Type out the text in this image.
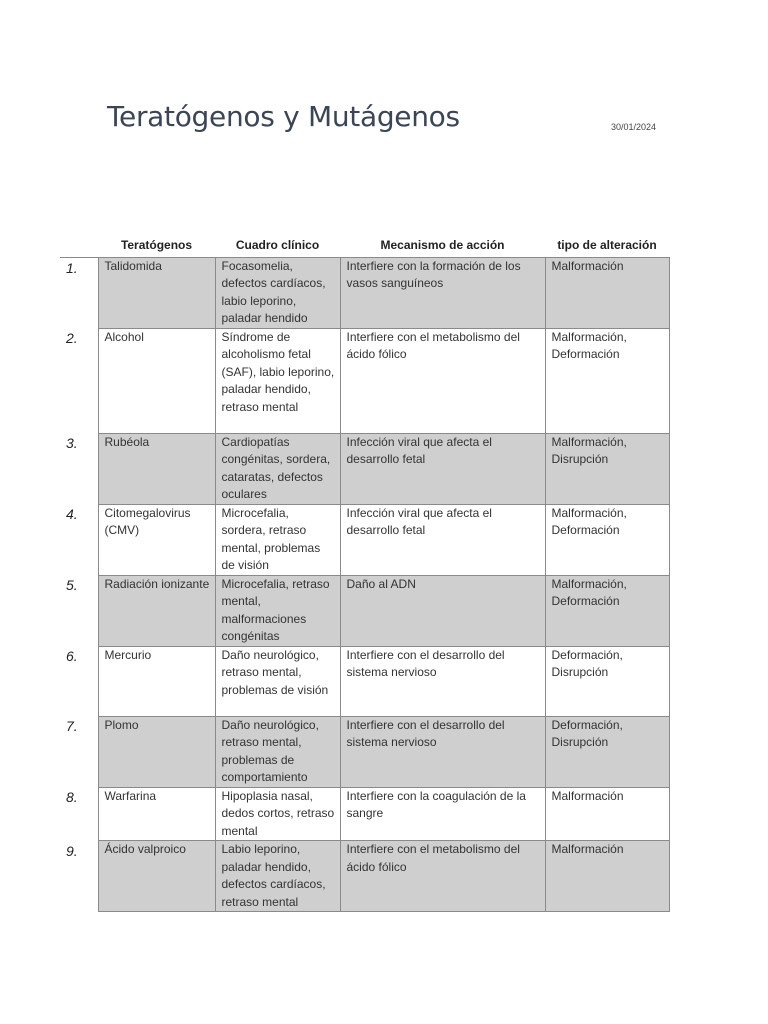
Teratógenos y Mutágenos	30/01/2024
	Teratógenos	Cuadro clínico	Mecanismo de acción	tipo de alteración
1.	Talidomida	Focasomelia, defectos cardíacos, labio leporino, paladar hendido	Interfiere con la formación de los vasos sanguíneos	Malformación
2.	Alcohol	Síndrome de alcoholismo fetal (SAF), labio leporino, paladar hendido, retraso mental	Interfiere con el metabolismo del ácido fólico	Malformación, Deformación
3.	Rubéola	Cardiopatías congénitas, sordera, cataratas, defectos oculares	Infección viral que afecta el desarrollo fetal	Malformación, Disrupción
4.	Citomegalovirus (CMV)	Microcefalia, sordera, retraso mental, problemas de visión	Infección viral que afecta el desarrollo fetal	Malformación, Deformación
5.	Radiación ionizante	Microcefalia, retraso mental, malformaciones congénitas	Daño al ADN	Malformación, Deformación
6.	Mercurio	Daño neurológico, retraso mental, problemas de visión	Interfiere con el desarrollo del sistema nervioso	Deformación, Disrupción
7.	Plomo	Daño neurológico, retraso mental, problemas de comportamiento	Interfiere con el desarrollo del sistema nervioso	Deformación, Disrupción
8.	Warfarina	Hipoplasia nasal, dedos cortos, retraso mental	Interfiere con la coagulación de la sangre	Malformación
9.	Ácido valproico	Labio leporino, paladar hendido, defectos cardíacos, retraso mental	Interfiere con el metabolismo del ácido fólico	Malformación
